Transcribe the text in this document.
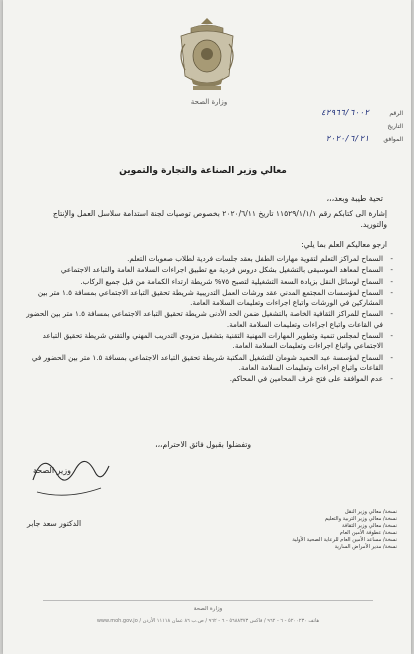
وزارة الصحة
الرقم
٤٢٩٦٦/٦٠٠٢
التاريخ
الموافق
٢٠٢٠/٦/٢١
معالي وزير الصناعة والتجارة والتموين
تحية طيبة وبعد،،،
إشارة الى كتابكم رقم ١١٥٢٩/١/١/١ تاريخ ٢٠٢٠/٦/١١ بخصوص توصيات لجنة استدامة سلاسل العمل والإنتاج والتوريد.
ارجو معاليكم العلم بما يلي:
- السماح لمراكز التعلم لتقوية مهارات الطفل بعقد جلسات فردية لطلاب صعوبات التعلم.
- السماح لمعاهد الموسيقى بالتشغيل بشكل دروس فردية مع تطبيق اجراءات السلامة العامة والتباعد الاجتماعي
- السماح لوسائل النقل بزيادة السعة التشغيلية لتصبح ٧٥% شريطة ارتداء الكمامة من قبل جميع الركاب.
- السماح لمؤسسات المجتمع المدني عقد ورشات العمل التدريبية شريطة تحقيق التباعد الاجتماعي بمسافة ١.٥ متر بين المشاركين في الورشات واتباع اجراءات وتعليمات السلامة العامة.
- السماح للمراكز الثقافية الخاصة بالتشغيل ضمن الحد الأدنى شريطة تحقيق التباعد الاجتماعي بمسافة ١.٥ متر بين الحضور في القاعات واتباع اجراءات وتعليمات السلامة العامة.
- السماح لمجلس تنمية وتطوير المهارات المهنية التقنية بتشغيل مزودي التدريب المهني والتقني شريطة تحقيق التباعد الاجتماعي واتباع اجراءات وتعليمات السلامة العامة.
- السماح لمؤسسة عبد الحميد شومان للتشغيل المكتبة شريطة تحقيق التباعد الاجتماعي بمسافة ١.٥ متر بين الحضور في القاعات واتباع اجراءات وتعليمات السلامة العامة.
- عدم الموافقة على فتح غرف المحامين في المحاكم.
وتفضلوا بقبول فائق الاحترام،،،
وزير الصحة
الدكتور سعد جابر
نسخة/ معالي وزير النقل
نسخة/ معالي وزير التربية والتعليم
نسخة/ معالي وزير الثقافة
نسخة/ عطوفة الأمين العام
نسخة/ مساعد الأمين العام للرعاية الصحية الأولية
نسخة/ مدير الأمراض السارية
وزارة الصحة
هاتف ٥٢٠٠٢٣٠ - ٦ - ٩٦٢ / فاكس ٥٦٨٨٣٧٣ - ٦ - ٩٦٢ / ص.ب ٨٦ عمان ١١١١٨ الأردن / www.moh.gov.jo
